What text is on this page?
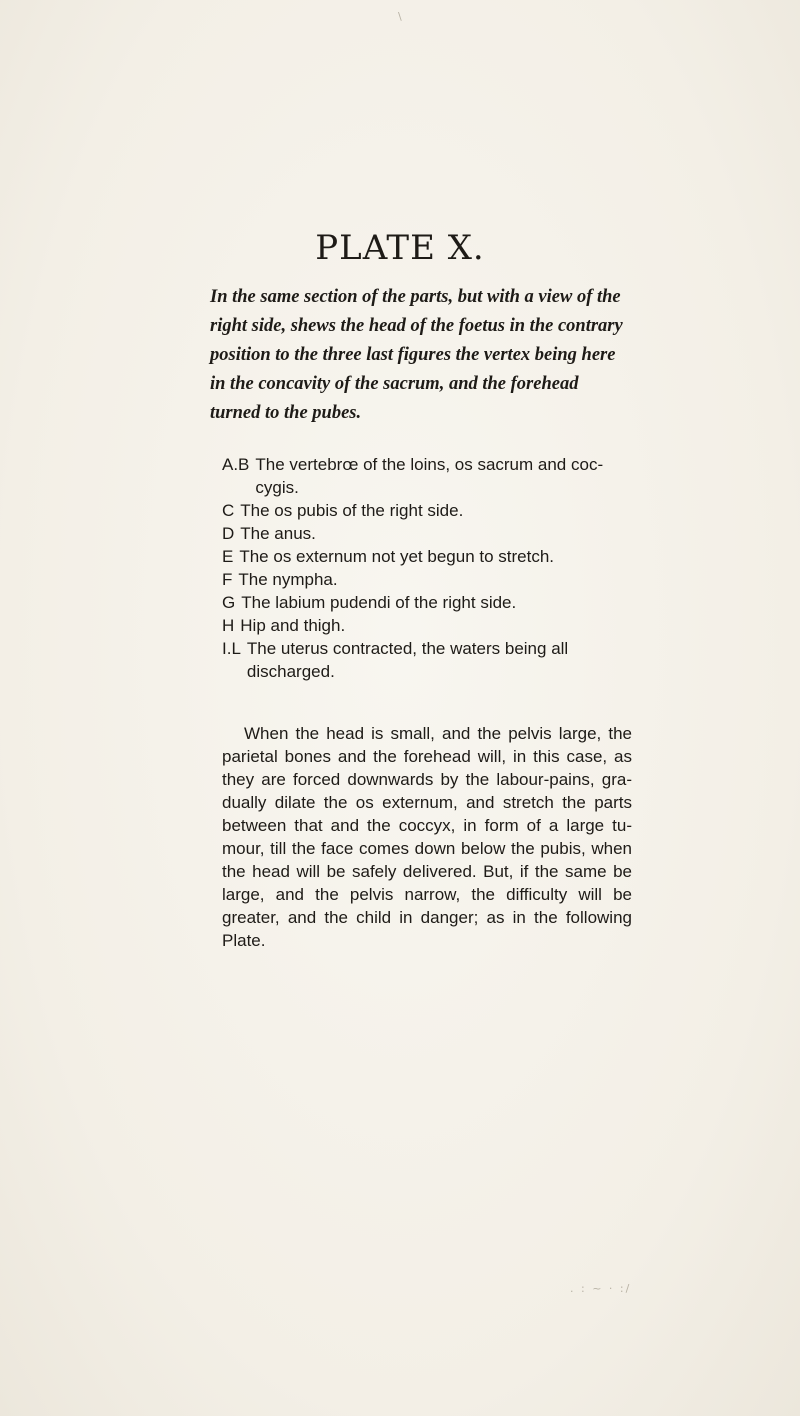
\
PLATE X.
In the same section of the parts, but with a view of the right side, shews the head of the foetus in the contrary position to the three last figures the vertex being here in the concavity of the sacrum, and the forehead turned to the pubes.
A.B The vertebrœ of the loins, os sacrum and coc-cygis.
C The os pubis of the right side.
D The anus.
E The os externum not yet begun to stretch.
F The nympha.
G The labium pudendi of the right side.
H Hip and thigh.
I.L The uterus contracted, the waters being all discharged.
When the head is small, and the pelvis large, the parietal bones and the forehead will, in this case, as they are forced downwards by the labour-pains, gra-dually dilate the os externum, and stretch the parts between that and the coccyx, in form of a large tu-mour, till the face comes down below the pubis, when the head will be safely delivered. But, if the same be large, and the pelvis narrow, the difficulty will be greater, and the child in danger; as in the following Plate.
. : ~ · :/
